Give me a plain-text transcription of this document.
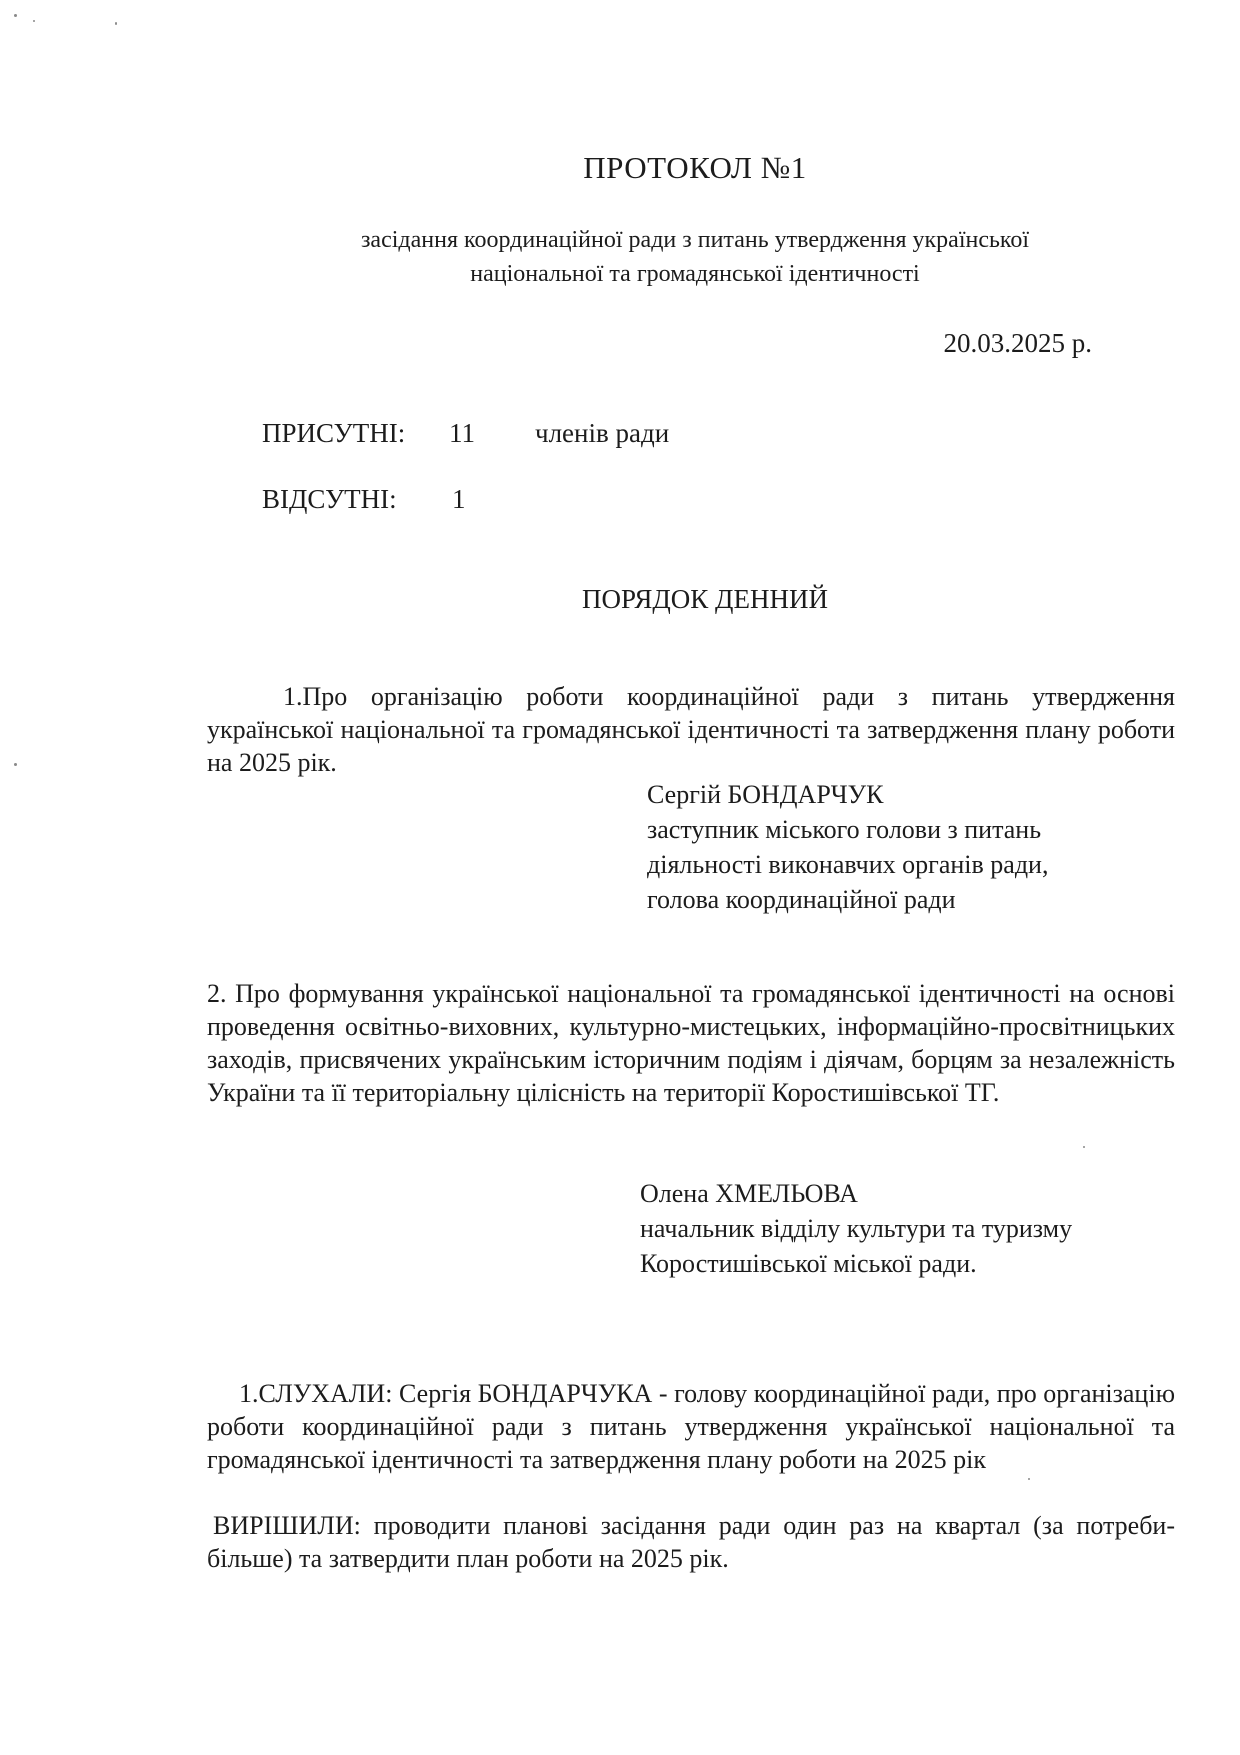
ПРОТОКОЛ №1
засідання координаційної ради з питань утвердження української
національної та громадянської ідентичності
20.03.2025 р.
ПРИСУТНІ: 11 членів ради
ВІДСУТНІ: 1
ПОРЯДОК ДЕННИЙ

1.Про організацію роботи координаційної ради з питань утвердження української національної та громадянської ідентичності та затвердження плану роботи на 2025 рік.

Сергій БОНДАРЧУК
заступник міського голови з питань
діяльності виконавчих органів ради,
голова координаційної ради

2. Про формування української національної та громадянської ідентичності на основі проведення освітньо-виховних, культурно-мистецьких, інформаційно-просвітницьких заходів, присвячених українським історичним подіям і діячам, борцям за незалежність України та її територіальну цілісність на території Коростишівської ТГ.

Олена ХМЕЛЬОВА
начальник відділу культури та туризму
Коростишівської міської ради.

1.СЛУХАЛИ: Сергія БОНДАРЧУКА - голову координаційної ради, про організацію роботи координаційної ради з питань утвердження української національної та громадянської ідентичності та затвердження плану роботи на 2025 рік

ВИРІШИЛИ: проводити планові засідання ради один раз на квартал (за потреби-більше) та затвердити план роботи на 2025 рік.
